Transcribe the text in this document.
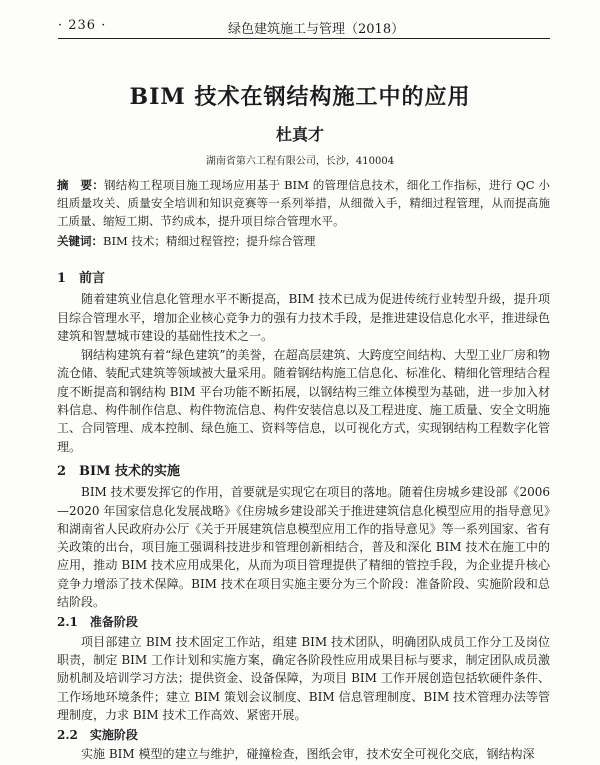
· 236 ·	绿色建筑施工与管理（2018）
BIM 技术在钢结构施工中的应用
杜真才
湖南省第六工程有限公司，长沙，410004
摘　要：钢结构工程项目施工现场应用基于 BIM 的管理信息技术，细化工作指标，进行 QC 小组质量攻关、质量安全培训和知识竞赛等一系列举措，从细微入手，精细过程管理，从而提高施工质量、缩短工期、节约成本，提升项目综合管理水平。
关键词：BIM 技术；精细过程管控；提升综合管理
1　前言

随着建筑业信息化管理水平不断提高，BIM 技术已成为促进传统行业转型升级，提升项目综合管理水平，增加企业核心竞争力的强有力技术手段，是推进建设信息化水平，推进绿色建筑和智慧城市建设的基础性技术之一。

钢结构建筑有着“绿色建筑”的美誉，在超高层建筑、大跨度空间结构、大型工业厂房和物流仓储、装配式建筑等领域被大量采用。随着钢结构施工信息化、标准化、精细化管理结合程度不断提高和钢结构 BIM 平台功能不断拓展，以钢结构三维立体模型为基础，进一步加入材料信息、构件制作信息、构件物流信息、构件安装信息以及工程进度、施工质量、安全文明施工、合同管理、成本控制、绿色施工、资料等信息，以可视化方式，实现钢结构工程数字化管理。

2　BIM 技术的实施

BIM 技术要发挥它的作用，首要就是实现它在项目的落地。随着住房城乡建设部《2006—2020 年国家信息化发展战略》《住房城乡建设部关于推进建筑信息化模型应用的指导意见》和湖南省人民政府办公厅《关于开展建筑信息模型应用工作的指导意见》等一系列国家、省有关政策的出台，项目施工强调科技进步和管理创新相结合，普及和深化 BIM 技术在施工中的应用，推动 BIM 技术应用成果化，从而为项目管理提供了精细的管控手段，为企业提升核心竞争力增添了技术保障。BIM 技术在项目实施主要分为三个阶段：准备阶段、实施阶段和总结阶段。

2.1　准备阶段

项目部建立 BIM 技术固定工作站，组建 BIM 技术团队，明确团队成员工作分工及岗位职责，制定 BIM 工作计划和实施方案，确定各阶段性应用成果目标与要求，制定团队成员激励机制及培训学习方法；提供资金、设备保障，为项目 BIM 工作开展创造包括软硬件条件、工作场地环境条件；建立 BIM 策划会议制度、BIM 信息管理制度、BIM 技术管理办法等管理制度，力求 BIM 技术工作高效、紧密开展。

2.2　实施阶段

实施 BIM 模型的建立与维护，碰撞检查，图纸会审，技术安全可视化交底，钢结构深
